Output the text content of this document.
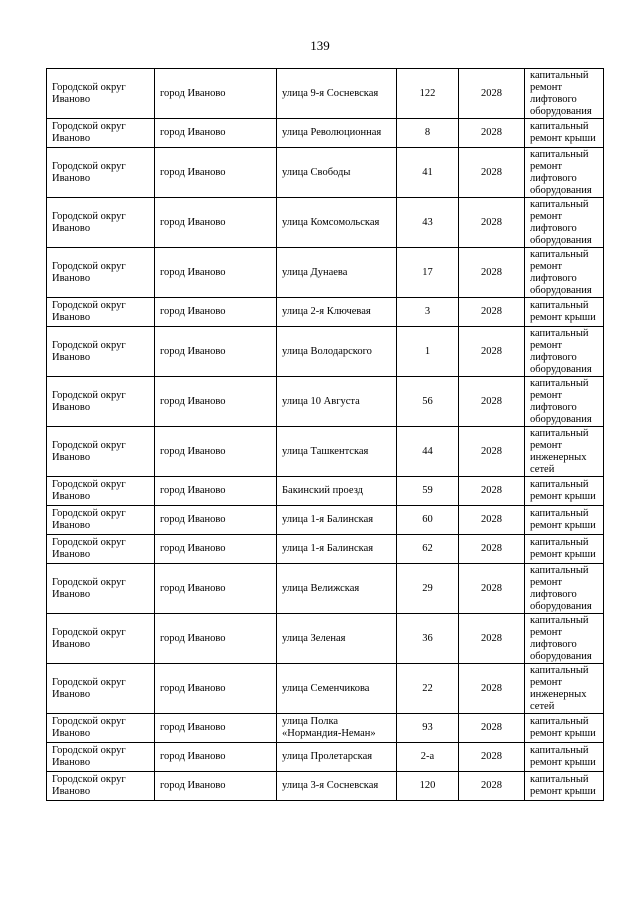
139
Городской округ Иваново	город Иваново	улица 9-я Сосневская	122	2028	капитальный ремонт лифтового оборудования
Городской округ Иваново	город Иваново	улица Революционная	8	2028	капитальный ремонт крыши
Городской округ Иваново	город Иваново	улица Свободы	41	2028	капитальный ремонт лифтового оборудования
Городской округ Иваново	город Иваново	улица Комсомольская	43	2028	капитальный ремонт лифтового оборудования
Городской округ Иваново	город Иваново	улица Дунаева	17	2028	капитальный ремонт лифтового оборудования
Городской округ Иваново	город Иваново	улица 2-я Ключевая	3	2028	капитальный ремонт крыши
Городской округ Иваново	город Иваново	улица Володарского	1	2028	капитальный ремонт лифтового оборудования
Городской округ Иваново	город Иваново	улица 10 Августа	56	2028	капитальный ремонт лифтового оборудования
Городской округ Иваново	город Иваново	улица Ташкентская	44	2028	капитальный ремонт инженерных сетей
Городской округ Иваново	город Иваново	Бакинский проезд	59	2028	капитальный ремонт крыши
Городской округ Иваново	город Иваново	улица 1-я Балинская	60	2028	капитальный ремонт крыши
Городской округ Иваново	город Иваново	улица 1-я Балинская	62	2028	капитальный ремонт крыши
Городской округ Иваново	город Иваново	улица Велижская	29	2028	капитальный ремонт лифтового оборудования
Городской округ Иваново	город Иваново	улица Зеленая	36	2028	капитальный ремонт лифтового оборудования
Городской округ Иваново	город Иваново	улица Семенчикова	22	2028	капитальный ремонт инженерных сетей
Городской округ Иваново	город Иваново	улица Полка «Нормандия-Неман»	93	2028	капитальный ремонт крыши
Городской округ Иваново	город Иваново	улица Пролетарская	2-а	2028	капитальный ремонт крыши
Городской округ Иваново	город Иваново	улица 3-я Сосневская	120	2028	капитальный ремонт крыши
